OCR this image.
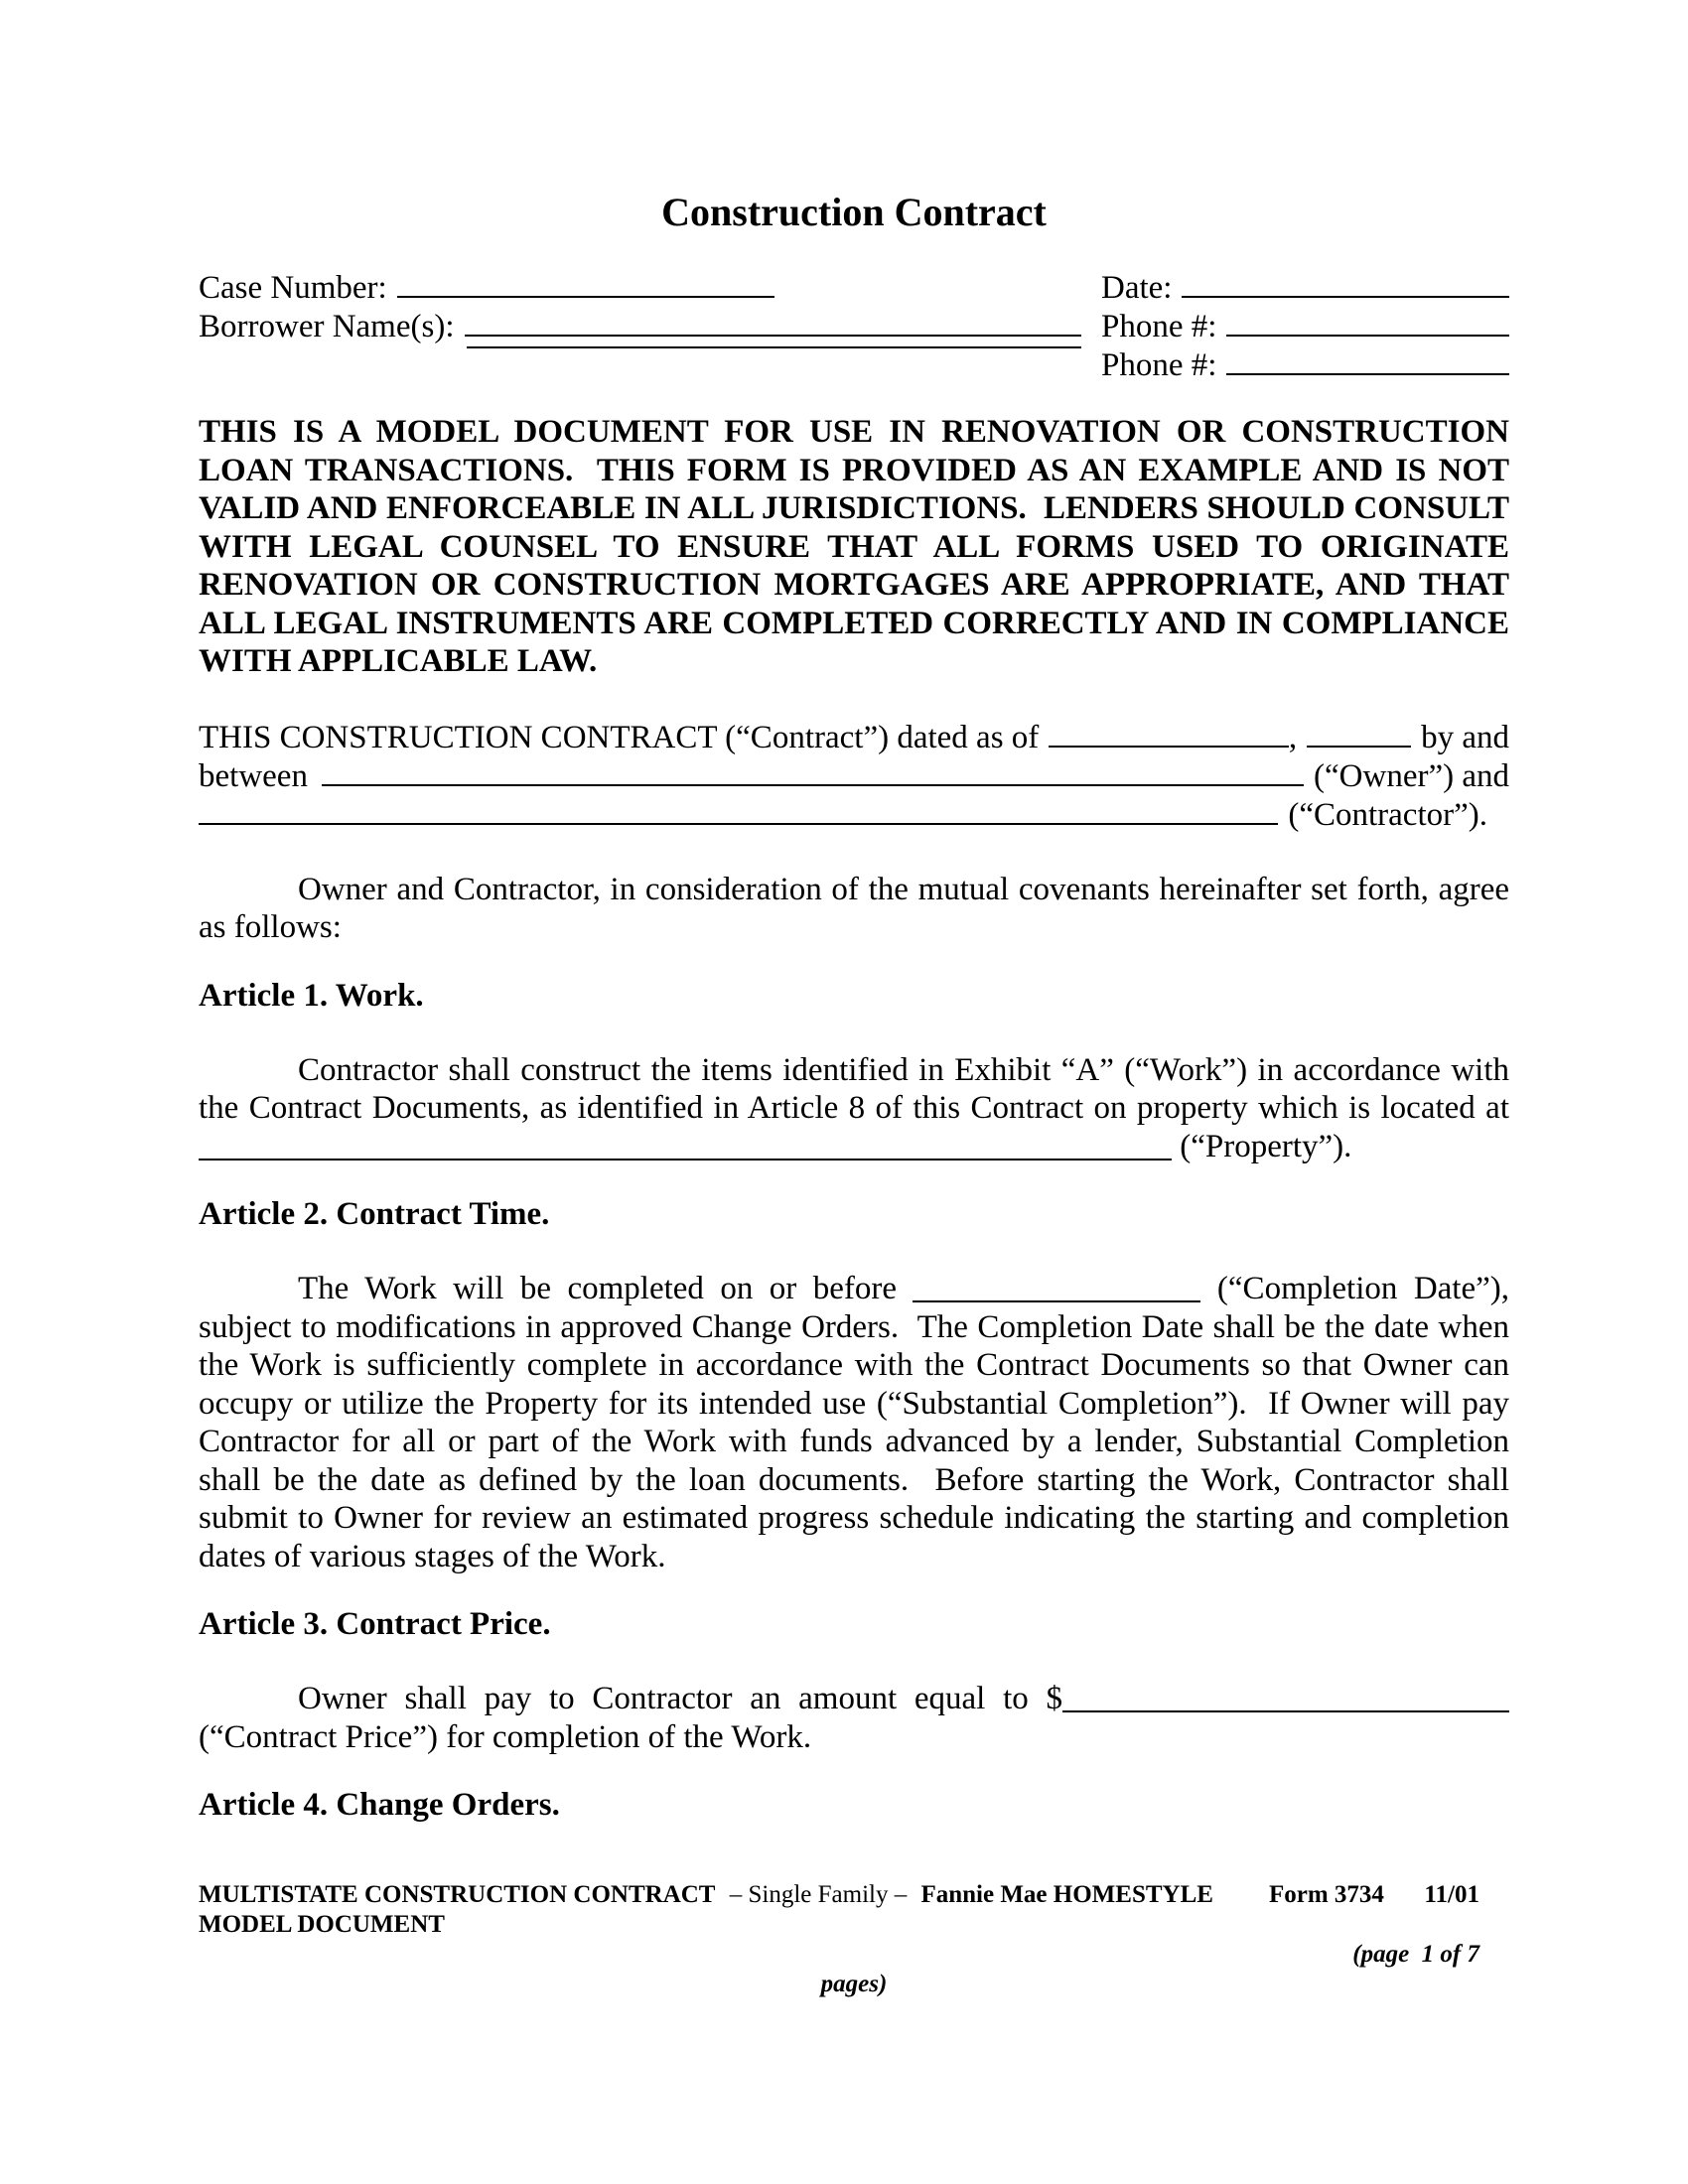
Construction Contract
Case Number:
Borrower Name(s):
Date:
Phone #:
Phone #:

THIS IS A MODEL DOCUMENT FOR USE IN RENOVATION OR CONSTRUCTION LOAN TRANSACTIONS.  THIS FORM IS PROVIDED AS AN EXAMPLE AND IS NOT VALID AND ENFORCEABLE IN ALL JURISDICTIONS.  LENDERS SHOULD CONSULT WITH LEGAL COUNSEL TO ENSURE THAT ALL FORMS USED TO ORIGINATE RENOVATION OR CONSTRUCTION MORTGAGES ARE APPROPRIATE, AND THAT ALL LEGAL INSTRUMENTS ARE COMPLETED CORRECTLY AND IN COMPLIANCE WITH APPLICABLE LAW.

THIS CONSTRUCTION CONTRACT (“Contract”) dated as of	,	by and
between	(“Owner”) and
(“Contractor”).

Owner and Contractor, in consideration of the mutual covenants hereinafter set forth, agree as follows:

Article 1. Work.

Contractor shall construct the items identified in Exhibit “A” (“Work”) in accordance with the Contract Documents, as identified in Article 8 of this Contract on property which is located at  (“Property”).

Article 2. Contract Time.

The Work will be completed on or before	(“Completion Date”), subject to modifications in approved Change Orders.  The Completion Date shall be the date when the Work is sufficiently complete in accordance with the Contract Documents so that Owner can occupy or utilize the Property for its intended use (“Substantial Completion”).  If Owner will pay Contractor for all or part of the Work with funds advanced by a lender, Substantial Completion shall be the date as defined by the loan documents.  Before starting the Work, Contractor shall submit to Owner for review an estimated progress schedule indicating the starting and completion dates of various stages of the Work.

Article 3. Contract Price.

Owner shall pay to Contractor an amount equal to $ (“Contract Price”) for completion of the Work.

Article 4. Change Orders.
MULTISTATE CONSTRUCTION CONTRACT – Single Family – Fannie Mae HOMESTYLE MODEL DOCUMENT
Form 3734 11/01
(page  1 of 7
pages)
